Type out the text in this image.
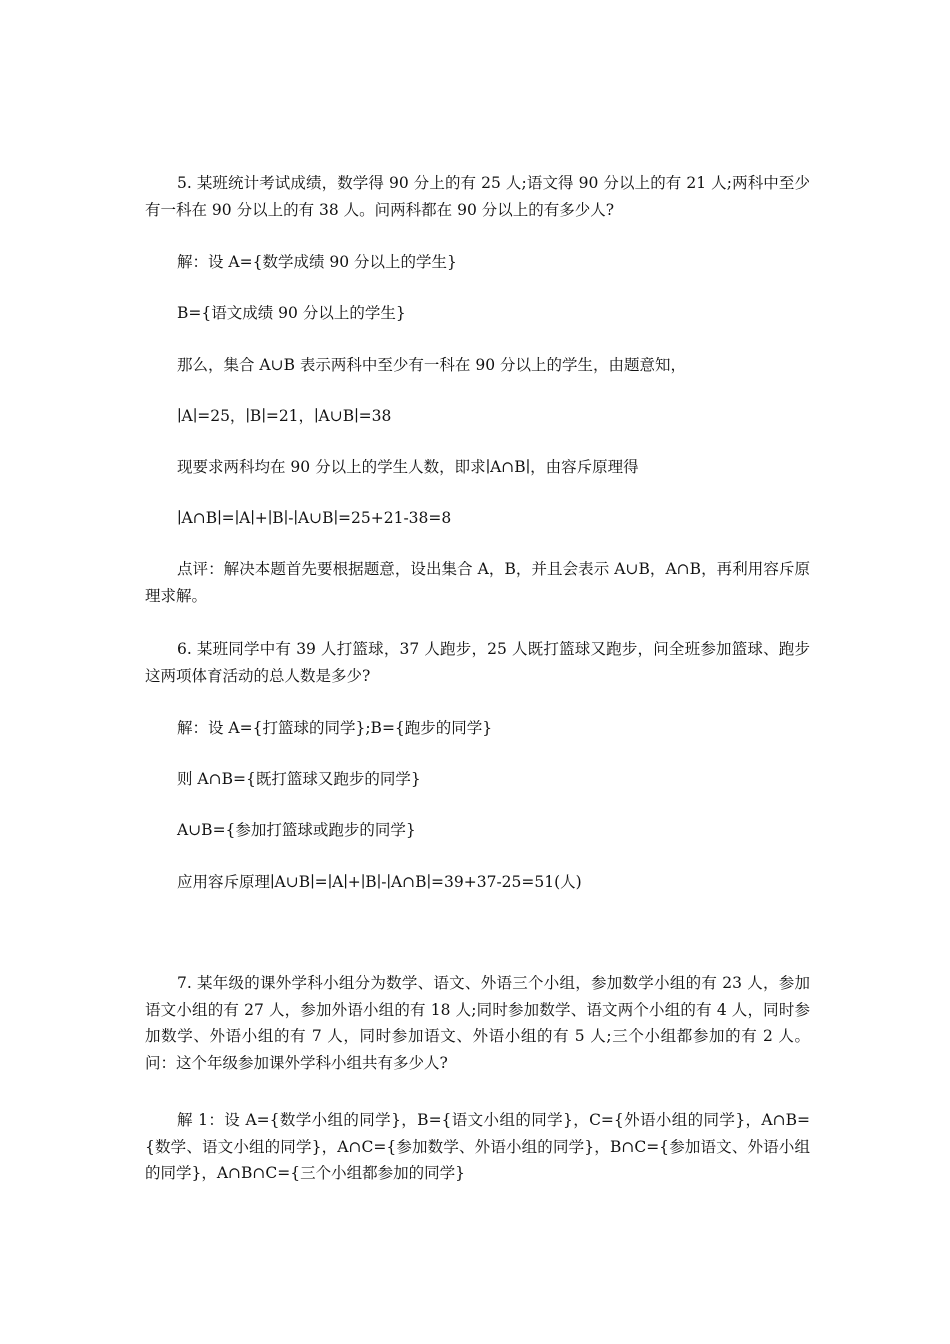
5. 某班统计考试成绩，数学得 90 分上的有 25 人;语文得 90 分以上的有 21 人;两科中至少有一科在 90 分以上的有 38 人。问两科都在 90 分以上的有多少人?

解：设 A={数学成绩 90 分以上的学生}

B={语文成绩 90 分以上的学生}

那么，集合 A∪B 表示两科中至少有一科在 90 分以上的学生，由题意知，

∣A∣=25，∣B∣=21，∣A∪B∣=38

现要求两科均在 90 分以上的学生人数，即求∣A∩B∣，由容斥原理得

∣A∩B∣=∣A∣+∣B∣-∣A∪B∣=25+21-38=8

点评：解决本题首先要根据题意，设出集合 A，B，并且会表示 A∪B，A∩B，再利用容斥原理求解。

6. 某班同学中有 39 人打篮球，37 人跑步，25 人既打篮球又跑步，问全班参加篮球、跑步这两项体育活动的总人数是多少?

解：设 A={打篮球的同学};B={跑步的同学}

则 A∩B={既打篮球又跑步的同学}

A∪B={参加打篮球或跑步的同学}

应用容斥原理∣A∪B∣=∣A∣+∣B∣-∣A∩B∣=39+37-25=51(人)

7. 某年级的课外学科小组分为数学、语文、外语三个小组，参加数学小组的有 23 人，参加语文小组的有 27 人，参加外语小组的有 18 人;同时参加数学、语文两个小组的有 4 人，同时参加数学、外语小组的有 7 人，同时参加语文、外语小组的有 5 人;三个小组都参加的有 2 人。问：这个年级参加课外学科小组共有多少人?

解 1：设 A={数学小组的同学}，B={语文小组的同学}，C={外语小组的同学}，A∩B={数学、语文小组的同学}，A∩C={参加数学、外语小组的同学}，B∩C={参加语文、外语小组的同学}，A∩B∩C={三个小组都参加的同学}
